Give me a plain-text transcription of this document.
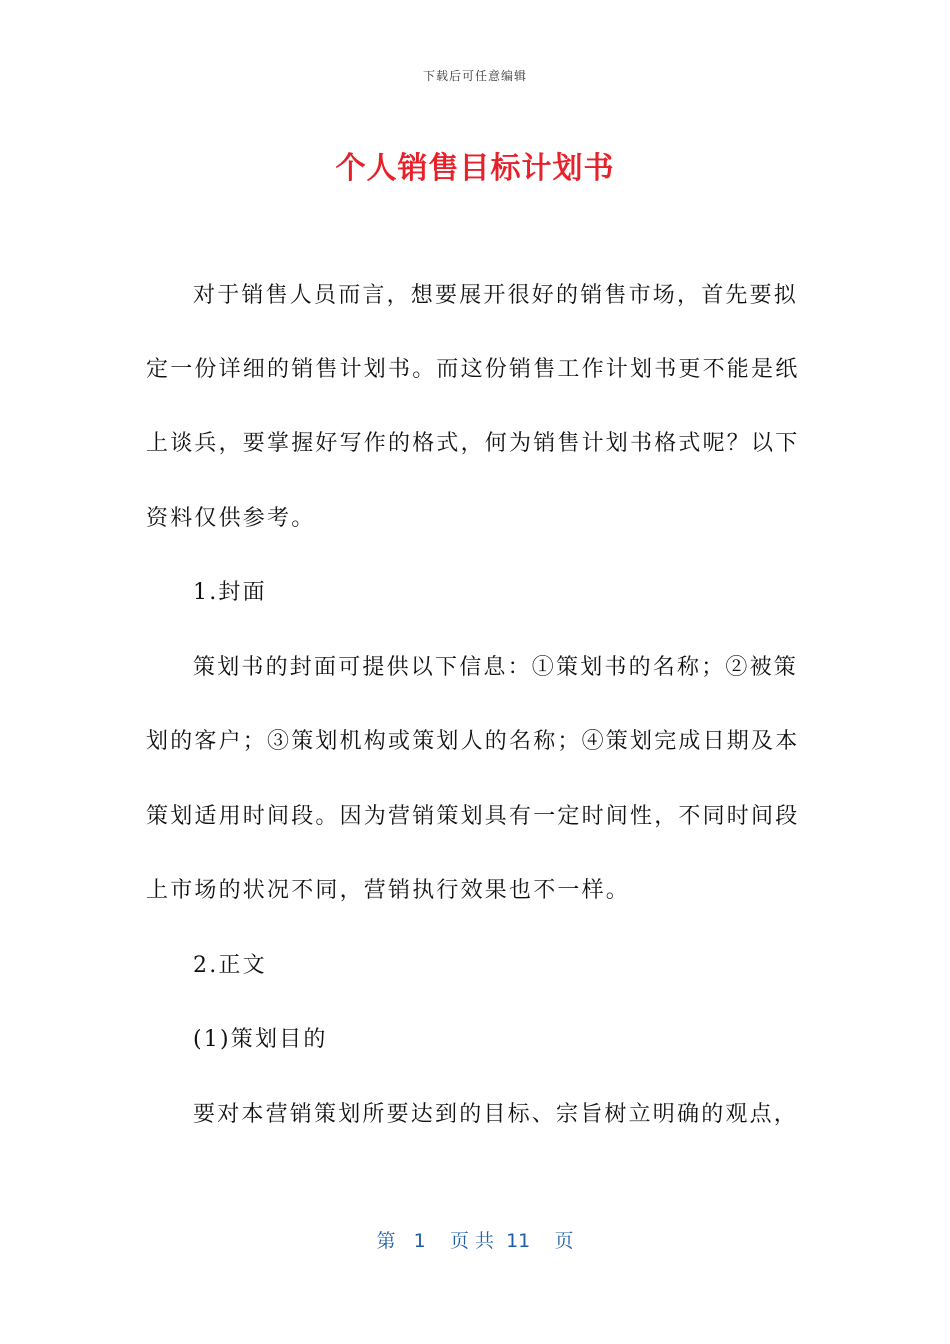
下载后可任意编辑
个人销售目标计划书
对于销售人员而言，想要展开很好的销售市场，首先要拟
定一份详细的销售计划书。而这份销售工作计划书更不能是纸
上谈兵，要掌握好写作的格式，何为销售计划书格式呢？以下
资料仅供参考。
1.封面
策划书的封面可提供以下信息：①策划书的名称；②被策
划的客户；③策划机构或策划人的名称；④策划完成日期及本
策划适用时间段。因为营销策划具有一定时间性，不同时间段
上市场的状况不同，营销执行效果也不一样。
2.正文
(1)策划目的
要对本营销策划所要达到的目标、宗旨树立明确的观点，
第 1 页 共 11 页
